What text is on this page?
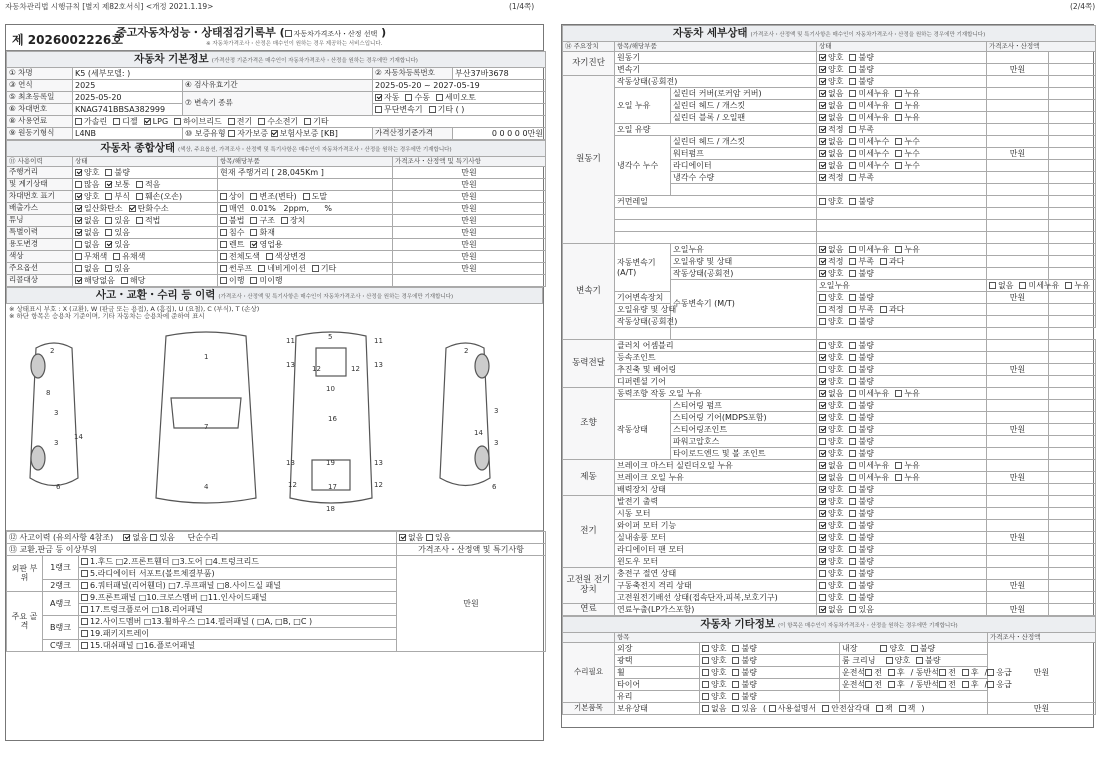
자동차관리법 시행규칙 [별지 제82호서식] <개정 2021.1.19>	(1/4쪽)	(2/4쪽)
제 2026002226호
중고자동차성능・상태점검기록부 ( 자동차가격조사・산정 선택 )
※ 자동차가격조사・산정은 매수인이 원하는 경우 제공하는 서비스입니다.
자동차 기본정보 (가격산정 기준가격은 매수인이 자동차가격조사・산정을 원하는 경우에만 기재합니다)				
① 차명	K5 (세부모델: )		② 자동차등록번호	부산37바3678
③ 연식	2025	④ 검사유효기간	2025-05-20 ~ 2027-05-19	
⑤ 최초등록일	2025-05-20	⑦ 변속기 종류	자동 수동 세미오토	
⑥ 차대번호	KNAG741BBSA382999		무단변속기 기타 ( )	
⑧ 사용연료	가솔린 디젤 LPG 하이브리드 전기 수소전기 기타			
⑨ 원동기형식	L4NB	⑩ 보증유형 자가보증 보험사보증 [KB]	가격산정기준가격	0 0 0 0 0만원
자동차 종합상태 (색상, 주요옵션, 가격조사・산정액 및 특기사항은 매수인이 자동차가격조사・산정을 원하는 경우에만 기재합니다)			
⑪ 사용이력	상태	항목/해당부품	가격조사・산정액 및 특기사항
주행거리	양호 불량	현재 주행거리 [ 28,045Km ]	만원
및 계기상태	많음 보통 적음		만원
차대번호 표기	양호 부식 훼손(오손)	상이 변조(변타) 도말	만원
배출가스	일산화탄소 탄화수소	매연 0.01%   2ppm,      %	만원
튜닝	없음 있음 적법	불법 구조 장치	만원
특별이력	없음 있음	침수 화재	만원
용도변경	없음 있음	렌트 영업용	만원
색상	무채색 유채색	전체도색 색상변경	만원
주요옵션	없음 있음	썬루프 네비게이션 기타	만원
리콜대상	해당없음 해당	이행 미이행	
사고・교환・수리 등 이력 (가격조사・산정액 및 특기사항은 매수인이 자동차가격조사・산정을 원하는 경우에만 기재합니다)
※ 상태표시 부호 : X (교환), W (판금 또는 용접), A (흠집), U (요철), C (부식), T (손상)
※ 하단 항목은 승용차 기준이며, 기타 자동차는 승용차에 준하여 표시
2
8
3
3
14
6
1
7
4
11	5	11
13 12	12 13
10
16
13	19	13
12	17	12
18
2
3
3
14
6
⑫ 사고이력 (유의사항 4참조) 없음 있음 단순수리			없음 있음
⑬ 교환,판금 등 이상부위			가격조사・산정액 및 특기사항
외판 부위	1랭크	1.후드 □2.프론트휀더 □3.도어 □4.트렁크리드	만원
		5.라디에이터 서포트(볼트체결부품)	
	2랭크	6.쿼터패널(리어휀더) □7.루프패널 □8.사이드실 패널	
주요 골격	A랭크	9.프론트패널 □10.크로스멤버 □11.인사이드패널	
		17.트렁크플로어 □18.리어패널	
	B랭크	12.사이드멤버 □13.휠하우스 □14.필러패널 ( □A, □B, □C )	
		19.패키지트레이	
	C랭크	15.대쉬패널 □16.플로어패널	
자동차 세부상태 (가격조사・산정액 및 특기사항은 매수인이 자동차가격조사・산정을 원하는 경우에만 기재합니다)						
⑭ 주요장치	항목/해당부품		상태	가격조사・산정액		
자기진단	원동기		양호 불량			
	변속기		양호 불량	만원		
원동기	작동상태(공회전)		양호 불량			
	오일 누유	실린더 커버(로커암 커버)	없음 미세누유 누유			
		실린더 헤드 / 개스킷	없음 미세누유 누유			
		실린더 블록 / 오일팬	없음 미세누유 누유			
	오일 유량		적정 부족			
	냉각수 누수	실린더 헤드 / 개스킷	없음 미세누수 누수			
		워터펌프	없음 미세누수 누수	만원		
		라디에이터	없음 미세누수 누수			
		냉각수 수량	적정 부족			

	커먼레일		양호 불량			

변속기	자동변속기 (A/T)	오일누유	없음 미세누유 누유			
		오일유량 및 상태	적정 부족 과다			
		작동상태(공회전)	양호 불량			
		수동변속기 (M/T)	오일누유	없음 미세누유 누유		
	기어변속장치		양호 불량	만원		
	오일유량 및 상태		적정 부족 과다			
	작동상태(공회전)		양호 불량			

동력전달	클러치 어셈블리		양호 불량			
	등속조인트		양호 불량			
	추진축 및 베어링		양호 불량	만원		
	디퍼렌셜 기어		양호 불량			
조향	동력조향 작동 오일 누유		없음 미세누유 누유			
	작동상태	스티어링 펌프	양호 불량			
		스티어링 기어(MDPS포함)	양호 불량			
		스티어링조인트	양호 불량	만원		
		파워고압호스	양호 불량			
		타이로드엔드 및 볼 조인트	양호 불량			
제동	브레이크 마스터 실린더오일 누유		없음 미세누유 누유			
	브레이크 오일 누유		없음 미세누유 누유	만원		
	배력장치 상태		양호 불량			
전기	발전기 출력		양호 불량			
	시동 모터		양호 불량			
	와이퍼 모터 기능		양호 불량			
	실내송풍 모터		양호 불량	만원		
	라디에이터 팬 모터		양호 불량			
	윈도우 모터		양호 불량			
고전원 전기장치	충전구 절연 상태		양호 불량			
	구동축전지 격리 상태		양호 불량	만원		
	고전원전기배선 상태(접속단자,피복,보호기구)		양호 불량			
연료	연료누출(LP가스포함)		없음 있음	만원		
자동차 기타정보 (이 항목은 매수인이 자동차가격조사・산정을 원하는 경우에만 기재합니다)				
	항목			가격조사・산정액
수리필요	외장	양호 불량	내장 양호 불량	만원
	광택	양호 불량	룸 크리닝 양호 불량	
	휠	양호 불량	운전석 전 후 / 동반석 전 후 / 응급	
	타이어	양호 불량	운전석 전 후 / 동반석 전 후 / 응급	
	유리	양호 불량		
기본품목	보유상태	없음 있음 ( 사용설명서 안전삼각대 잭 잭 )		만원
